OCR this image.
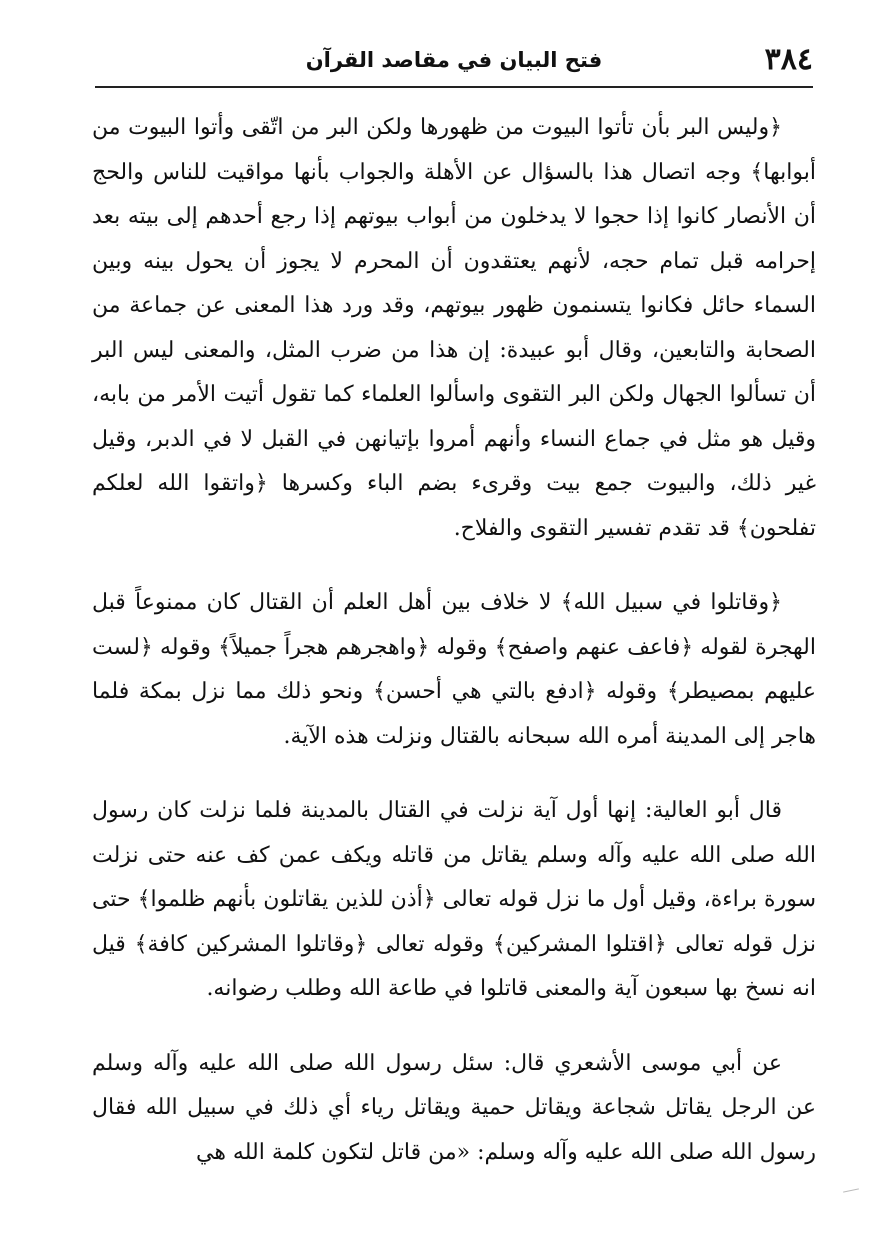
٣٨٤
فتح البيان في مقاصد القرآن

﴿وليس البر بأن تأتوا البيوت من ظهورها ولكن البر من اتّقى وأتوا البيوت من أبوابها﴾ وجه اتصال هذا بالسؤال عن الأهلة والجواب بأنها مواقيت للناس والحج أن الأنصار كانوا إذا حجوا لا يدخلون من أبواب بيوتهم إذا رجع أحدهم إلى بيته بعد إحرامه قبل تمام حجه، لأنهم يعتقدون أن المحرم لا يجوز أن يحول بينه وبين السماء حائل فكانوا يتسنمون ظهور بيوتهم، وقد ورد هذا المعنى عن جماعة من الصحابة والتابعين، وقال أبو عبيدة: إن هذا من ضرب المثل، والمعنى ليس البر أن تسألوا الجهال ولكن البر التقوى واسألوا العلماء كما تقول أتيت الأمر من بابه، وقيل هو مثل في جماع النساء وأنهم أمروا بإتيانهن في القبل لا في الدبر، وقيل غير ذلك، والبيوت جمع بيت وقرىء بضم الباء وكسرها ﴿واتقوا الله لعلكم تفلحون﴾ قد تقدم تفسير التقوى والفلاح.

﴿وقاتلوا في سبيل الله﴾ لا خلاف بين أهل العلم أن القتال كان ممنوعاً قبل الهجرة لقوله ﴿فاعف عنهم واصفح﴾ وقوله ﴿واهجرهم هجراً جميلاً﴾ وقوله ﴿لست عليهم بمصيطر﴾ وقوله ﴿ادفع بالتي هي أحسن﴾ ونحو ذلك مما نزل بمكة فلما هاجر إلى المدينة أمره الله سبحانه بالقتال ونزلت هذه الآية.

قال أبو العالية: إنها أول آية نزلت في القتال بالمدينة فلما نزلت كان رسول الله صلى الله عليه وآله وسلم يقاتل من قاتله ويكف عمن كف عنه حتى نزلت سورة براءة، وقيل أول ما نزل قوله تعالى ﴿أذن للذين يقاتلون بأنهم ظلموا﴾ حتى نزل قوله تعالى ﴿اقتلوا المشركين﴾ وقوله تعالى ﴿وقاتلوا المشركين كافة﴾ قيل انه نسخ بها سبعون آية والمعنى قاتلوا في طاعة الله وطلب رضوانه.

عن أبي موسى الأشعري قال: سئل رسول الله صلى الله عليه وآله وسلم عن الرجل يقاتل شجاعة ويقاتل حمية ويقاتل رياء أي ذلك في سبيل الله فقال رسول الله صلى الله عليه وآله وسلم: «من قاتل لتكون كلمة الله هي
